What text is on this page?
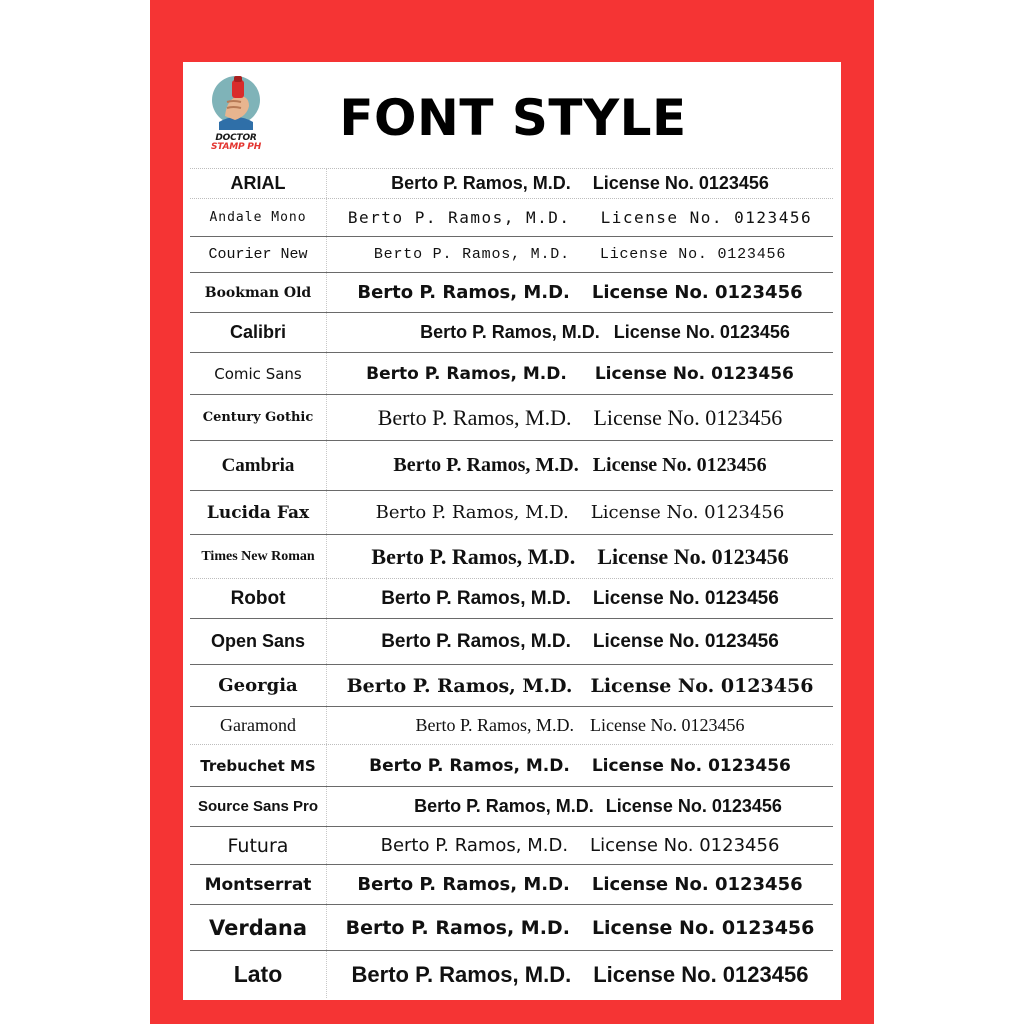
DOCTOR
STAMP PH FONT STYLE
ARIAL	Berto P. Ramos, M.D. License No. 0123456
Andale Mono	Berto P. Ramos, M.D. License No. 0123456
Courier New	Berto P. Ramos, M.D. License No. 0123456
Bookman Old	Berto P. Ramos, M.D. License No. 0123456
Calibri	Berto P. Ramos, M.D. License No. 0123456
Comic Sans	Berto P. Ramos, M.D. License No. 0123456
Century Gothic	Berto P. Ramos, M.D. License No. 0123456
Cambria	Berto P. Ramos, M.D. License No. 0123456
Lucida Fax	Berto P. Ramos, M.D. License No. 0123456
Times New Roman	Berto P. Ramos, M.D. License No. 0123456
Robot	Berto P. Ramos, M.D. License No. 0123456
Open Sans	Berto P. Ramos, M.D. License No. 0123456
Georgia	Berto P. Ramos, M.D. License No. 0123456
Garamond	Berto P. Ramos, M.D. License No. 0123456
Trebuchet MS	Berto P. Ramos, M.D. License No. 0123456
Source Sans Pro	Berto P. Ramos, M.D. License No. 0123456
Futura	Berto P. Ramos, M.D. License No. 0123456
Montserrat	Berto P. Ramos, M.D. License No. 0123456
Verdana	Berto P. Ramos, M.D. License No. 0123456
Lato	Berto P. Ramos, M.D. License No. 0123456
